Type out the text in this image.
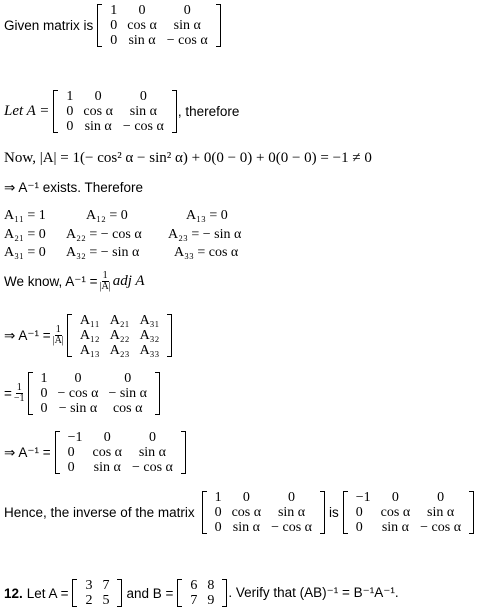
Given matrix is
1	0	0
0	cos α	sin α
0	sin α	− cos α
Let A =
1	0	0
0	cos α	sin α
0	sin α	− cos α
, therefore
Now, |A| = 1(− cos² α − sin² α) + 0(0 − 0) + 0(0 − 0) = −1 ≠ 0
⇒ A⁻¹ exists. Therefore
A₁₁ = 1	A₁₂ = 0	A₁₃ = 0
A₂₁ = 0 A₂₂ = − cos α A₂₃ = − sin α
A₃₁ = 0 A₃₂ = − sin α A₃₃ = cos α
We know, $A^{-1} = \frac{1}{|A|}$ adj A
⇒ $A^{-1} = \frac{1}{|A|}$
A₁₁	A₂₁	A₃₁
A₁₂	A₂₂	A₃₂
A₁₃	A₂₃	A₃₃
= $\frac{1}{-1}$
1	0	0
0	− cos α	− sin α
0	− sin α	cos α
⇒ A⁻¹ =
−1	0	0
0	cos α	sin α
0	sin α	− cos α
Hence, the inverse of the matrix
1	0	0
0	cos α	sin α
0	sin α	− cos α
is
−1	0	0
0	cos α	sin α
0	sin α	− cos α
12. Let A = 3	7
2	5 and B = 6	8
7	9
. Verify that (AB)⁻¹ = B⁻¹A⁻¹.
